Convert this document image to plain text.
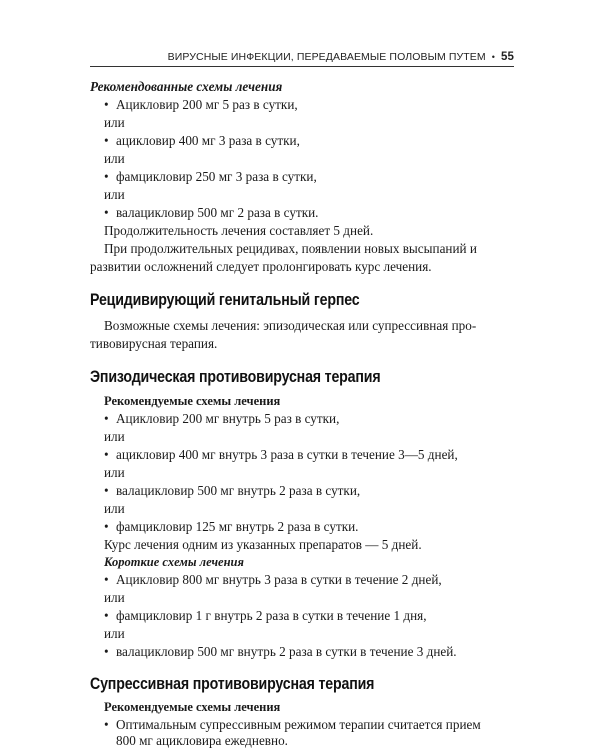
ВИРУСНЫЕ ИНФЕКЦИИ, ПЕРЕДАВАЕМЫЕ ПОЛОВЫМ ПУТЕМ • 55
Рекомендованные схемы лечения
• Ацикловир 200 мг 5 раз в сутки,
или
• ацикловир 400 мг 3 раза в сутки,
или
• фамцикловир 250 мг 3 раза в сутки,
или
• валацикловир 500 мг 2 раза в сутки.
Продолжительность лечения составляет 5 дней.
При продолжительных рецидивах, появлении новых высыпаний и
развитии осложнений следует пролонгировать курс лечения.
Рецидивирующий генитальный герпес
Возможные схемы лечения: эпизодическая или супрессивная про-
тивовирусная терапия.
Эпизодическая противовирусная терапия
Рекомендуемые схемы лечения
• Ацикловир 200 мг внутрь 5 раз в сутки,
или
• ацикловир 400 мг внутрь 3 раза в сутки в течение 3—5 дней,
или
• валацикловир 500 мг внутрь 2 раза в сутки,
или
• фамцикловир 125 мг внутрь 2 раза в сутки.
Курс лечения одним из указанных препаратов — 5 дней.
Короткие схемы лечения
• Ацикловир 800 мг внутрь 3 раза в сутки в течение 2 дней,
или
• фамцикловир 1 г внутрь 2 раза в сутки в течение 1 дня,
или
• валацикловир 500 мг внутрь 2 раза в сутки в течение 3 дней.
Супрессивная противовирусная терапия
Рекомендуемые схемы лечения
• Оптимальным супрессивным режимом терапии считается прием
800 мг ацикловира ежедневно.
